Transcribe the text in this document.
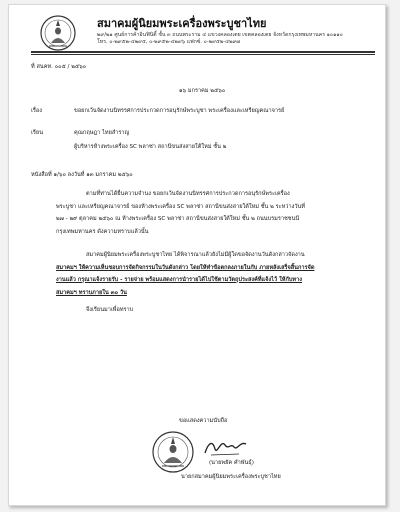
สมาคมผู้นิยมพระเครื่องพระบูชาไทย
๒๙/๒๑ ศูนย์การค้าอินฟินิตี้ ชั้น ๓ ถนนพระราม ๔ แขวงคลองเตย เขตคลองเตย จังหวัดกรุงเทพมหานคร ๑๐๑๑๐
โทร. ๐-๒๙๕๒-๔๒๙๕, ๐-๒๙๕๒-๔๒๙๖ แฟกซ์. ๐-๒๙๕๒-๔๒๙๗
ที่ สนคท. ๐๐๕ / ๒๕๖๐
๑๖ มกราคม ๒๕๖๐
เรื่อง	ขอยกเว้นจัดงานนิทรรศการประกวดการอนุรักษ์พระบูชา พระเครื่องและเหรียญคณาจารย์
เรียน	คุณกฤษฎา ไทยสำราญ
ผู้บริหารห้างพระเครื่อง SC พลาซ่า สถานีขนส่งสายใต้ใหม่ ชั้น ๒
หนังสือที่ ๑/๖๐ ลงวันที่ ๑๓ มกราคม ๒๕๖๐
ตามที่ท่านได้ยื่นความจำนง ขอยกเว้นจัดงานนิทรรศการประกวดการอนุรักษ์พระเครื่อง
พระบูชา และเหรียญคณาจารย์ ของห้างพระเครื่อง SC พลาซ่า สถานีขนส่งสายใต้ใหม่ ชั้น ๒ ระหว่างวันที่
๒๗ - ๒๙ ตุลาคม ๒๕๖๐ ณ ห้างพระเครื่อง SC พลาซ่า สถานีขนส่งสายใต้ใหม่ ชั้น ๒ ถนนบรมราชชนนี
กรุงเทพมหานคร ดังความทราบแล้วนั้น
สมาคมผู้นิยมพระเครื่องพระบูชาไทย ได้พิจารณาแล้วยังไม่มีผู้ใดขอจัดงานวันดังกล่าวจัดงาน
สมาคมฯ ให้ความเห็นชอบการจัดกิจกรรมในวันดังกล่าว โดยให้ทำข้อตกลงภายในกับ ภายหลังเสร็จสิ้นการจัด
งานแล้ว กรุณาแจ้งรายรับ - รายจ่าย พร้อมแสดงการนำรายได้ไปใช้ตามวัตถุประสงค์ที่แจ้งไว้ ให้กับทาง
สมาคมฯ ทราบภายใน ๓๐ วัน
จึงเรียนมาเพื่อทราบ
ขอแสดงความนับถือ
(นายพยัค คำพันธุ์)
นายกสมาคมผู้นิยมพระเครื่องพระบูชาไทย
